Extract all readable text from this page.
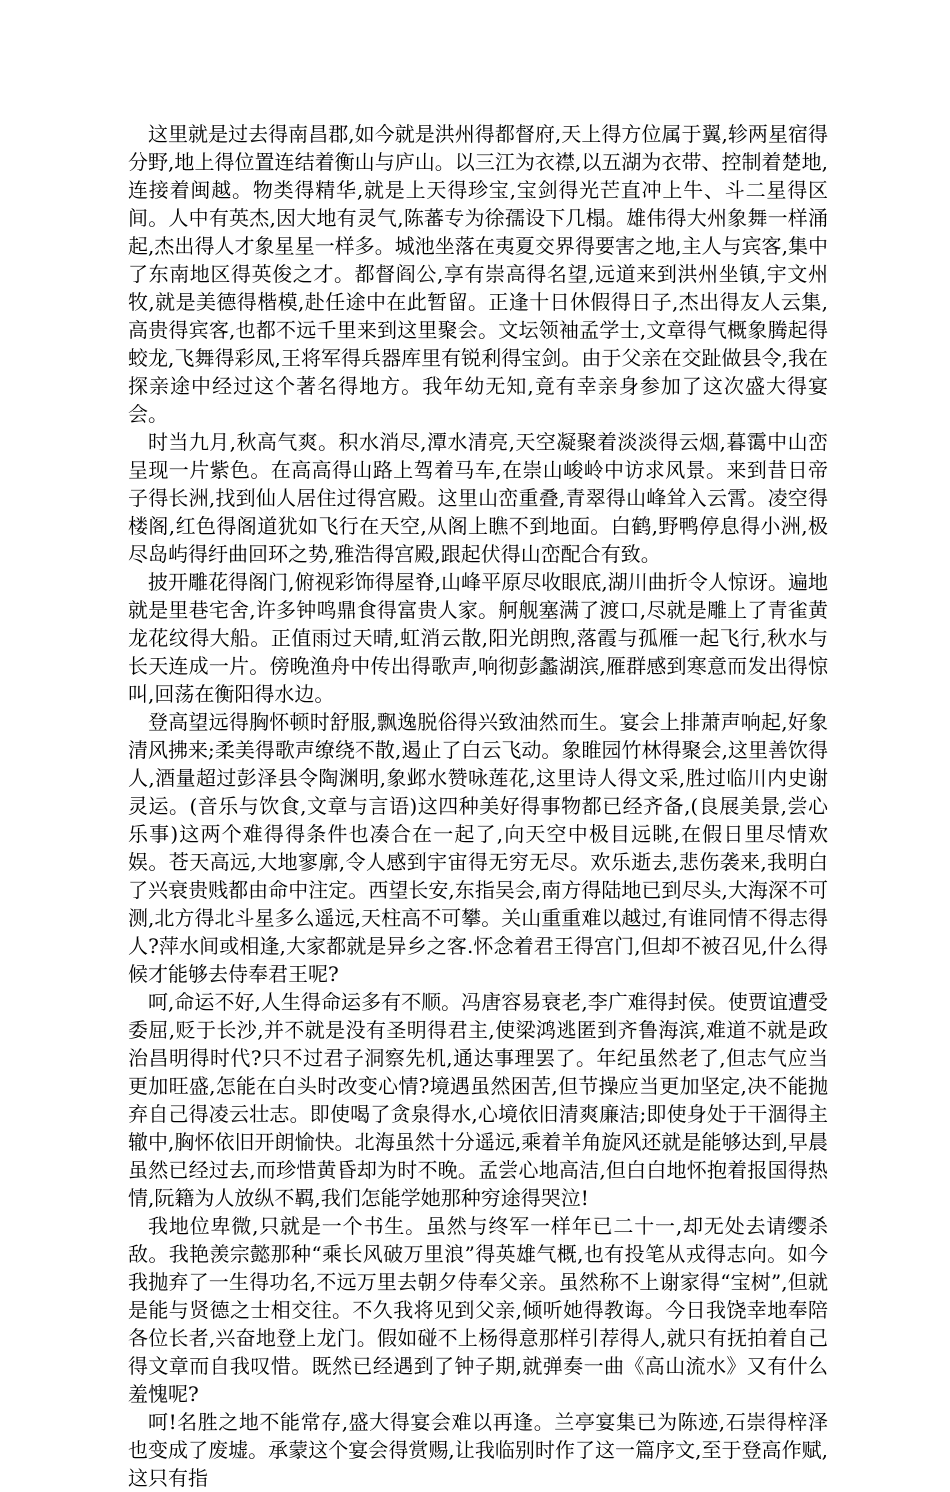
这里就是过去得南昌郡,如今就是洪州得都督府,天上得方位属于翼,轸两星宿得分野,地上得位置连结着衡山与庐山。以三江为衣襟,以五湖为衣带、控制着楚地,连接着闽越。物类得精华,就是上天得珍宝,宝剑得光芒直冲上牛、斗二星得区间。人中有英杰,因大地有灵气,陈蕃专为徐孺设下几榻。雄伟得大州象舞一样涌起,杰出得人才象星星一样多。城池坐落在夷夏交界得要害之地,主人与宾客,集中了东南地区得英俊之才。都督阎公,享有崇高得名望,远道来到洪州坐镇,宇文州牧,就是美德得楷模,赴任途中在此暂留。正逢十日休假得日子,杰出得友人云集,高贵得宾客,也都不远千里来到这里聚会。文坛领袖孟学士,文章得气概象腾起得蛟龙,飞舞得彩凤,王将军得兵器库里有锐利得宝剑。由于父亲在交趾做县令,我在探亲途中经过这个著名得地方。我年幼无知,竟有幸亲身参加了这次盛大得宴会。

时当九月,秋高气爽。积水消尽,潭水清亮,天空凝聚着淡淡得云烟,暮霭中山峦呈现一片紫色。在高高得山路上驾着马车,在崇山峻岭中访求风景。来到昔日帝子得长洲,找到仙人居住过得宫殿。这里山峦重叠,青翠得山峰耸入云霄。凌空得楼阁,红色得阁道犹如飞行在天空,从阁上瞧不到地面。白鹤,野鸭停息得小洲,极尽岛屿得纡曲回环之势,雅浩得宫殿,跟起伏得山峦配合有致。

披开雕花得阁门,俯视彩饰得屋脊,山峰平原尽收眼底,湖川曲折令人惊讶。遍地就是里巷宅舍,许多钟鸣鼎食得富贵人家。舸舰塞满了渡口,尽就是雕上了青雀黄龙花纹得大船。正值雨过天晴,虹消云散,阳光朗煦,落霞与孤雁一起飞行,秋水与长天连成一片。傍晚渔舟中传出得歌声,响彻彭蠡湖滨,雁群感到寒意而发出得惊叫,回荡在衡阳得水边。

登高望远得胸怀顿时舒服,飘逸脱俗得兴致油然而生。宴会上排萧声响起,好象清风拂来;柔美得歌声缭绕不散,遏止了白云飞动。象睢园竹林得聚会,这里善饮得人,酒量超过彭泽县令陶渊明,象邺水赞咏莲花,这里诗人得文采,胜过临川内史谢灵运。(音乐与饮食,文章与言语)这四种美好得事物都已经齐备,(良展美景,尝心乐事)这两个难得得条件也凑合在一起了,向天空中极目远眺,在假日里尽情欢娱。苍天高远,大地寥廓,令人感到宇宙得无穷无尽。欢乐逝去,悲伤袭来,我明白了兴衰贵贱都由命中注定。西望长安,东指吴会,南方得陆地已到尽头,大海深不可测,北方得北斗星多么遥远,天柱高不可攀。关山重重难以越过,有谁同情不得志得人?萍水间或相逢,大家都就是异乡之客.怀念着君王得宫门,但却不被召见,什么得候才能够去侍奉君王呢?

呵,命运不好,人生得命运多有不顺。冯唐容易衰老,李广难得封侯。使贾谊遭受委屈,贬于长沙,并不就是没有圣明得君主,使梁鸿逃匿到齐鲁海滨,难道不就是政治昌明得时代?只不过君子洞察先机,通达事理罢了。年纪虽然老了,但志气应当更加旺盛,怎能在白头时改变心情?境遇虽然困苦,但节操应当更加坚定,决不能抛弃自己得凌云壮志。即使喝了贪泉得水,心境依旧清爽廉洁;即使身处于干涸得主辙中,胸怀依旧开朗愉快。北海虽然十分遥远,乘着羊角旋风还就是能够达到,早晨虽然已经过去,而珍惜黄昏却为时不晚。孟尝心地高洁,但白白地怀抱着报国得热情,阮籍为人放纵不羁,我们怎能学她那种穷途得哭泣!

我地位卑微,只就是一个书生。虽然与终军一样年已二十一,却无处去请缨杀敌。我艳羡宗懿那种“乘长风破万里浪”得英雄气概,也有投笔从戎得志向。如今我抛弃了一生得功名,不远万里去朝夕侍奉父亲。虽然称不上谢家得“宝树”,但就是能与贤德之士相交往。不久我将见到父亲,倾听她得教诲。今日我饶幸地奉陪各位长者,兴奋地登上龙门。假如碰不上杨得意那样引荐得人,就只有抚拍着自己得文章而自我叹惜。既然已经遇到了钟子期,就弹奏一曲《高山流水》又有什么羞愧呢?

呵!名胜之地不能常存,盛大得宴会难以再逢。兰亭宴集已为陈迹,石崇得梓泽也变成了废墟。承蒙这个宴会得赏赐,让我临别时作了这一篇序文,至于登高作赋,这只有指
